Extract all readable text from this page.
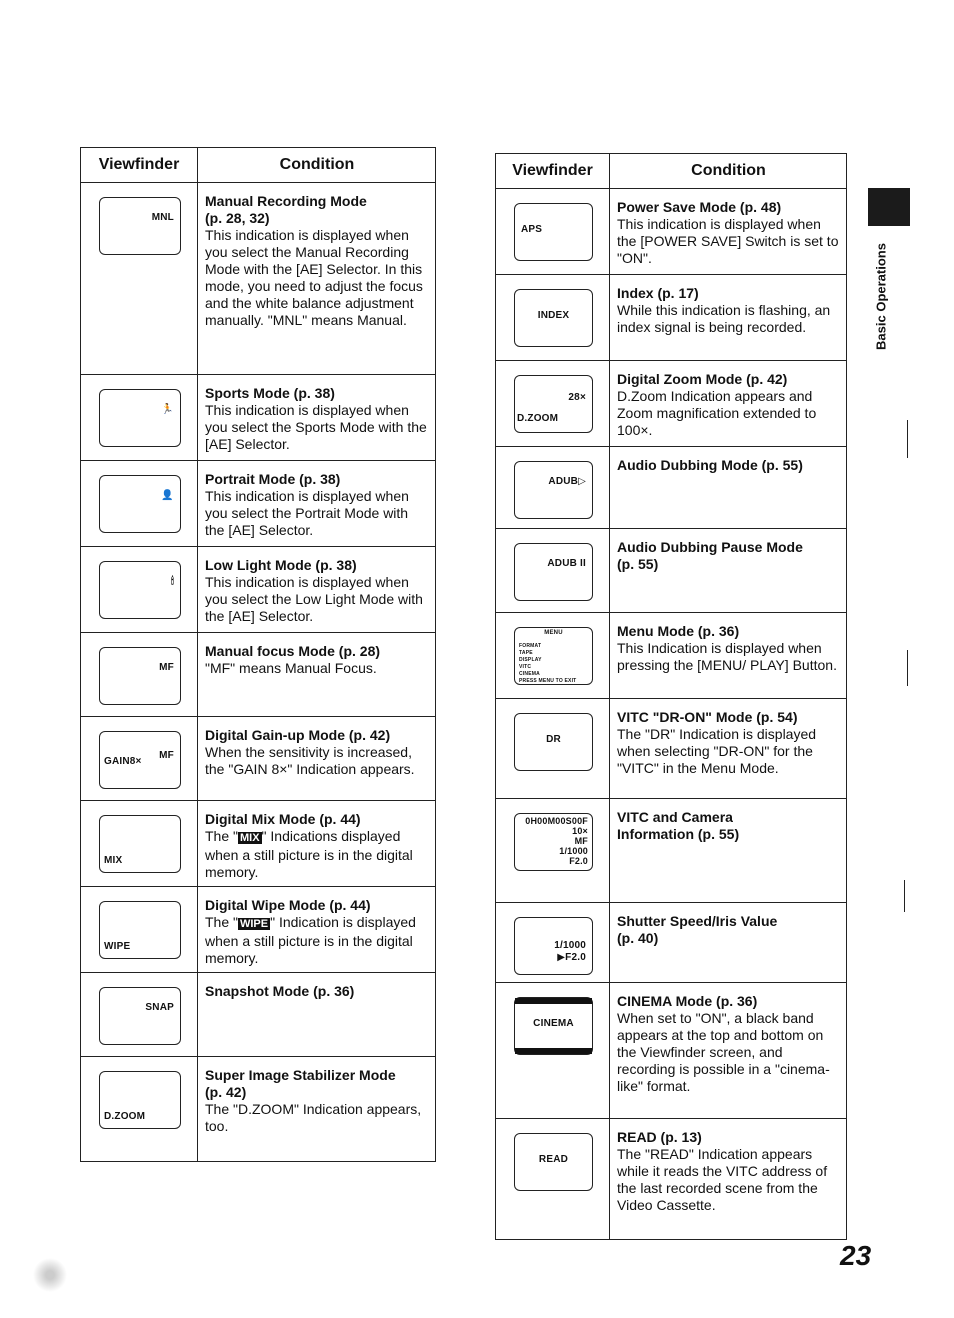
Basic Operations
Viewfinder	Condition
MNL
Manual Recording Mode
(p. 28, 32)
This indication is displayed when you select the Manual Recording Mode with the [AE] Selector. In this mode, you need to adjust the focus and the white balance adjustment manually. "MNL" means Manual.
🏃
Sports Mode (p. 38)
This indication is displayed when you select the Sports Mode with the [AE] Selector.
👤
Portrait Mode (p. 38)
This indication is displayed when you select the Portrait Mode with the [AE] Selector.
🕯
Low Light Mode (p. 38)
This indication is displayed when you select the Low Light Mode with the [AE] Selector.
MF
Manual focus Mode (p. 28)
"MF" means Manual Focus.
GAIN8×
MF
Digital Gain-up Mode (p. 42)
When the sensitivity is increased, the "GAIN 8×" Indication appears.
MIX
Digital Mix Mode (p. 44)
The " MIX " Indications displayed when a still picture is in the digital memory.
WIPE
Digital Wipe Mode (p. 44)
The " WIPE " Indication is displayed when a still picture is in the digital memory.
SNAP
Snapshot Mode (p. 36)
D.ZOOM
Super Image Stabilizer Mode
(p. 42)
The "D.ZOOM" Indication appears, too.
Viewfinder	Condition
APS
Power Save Mode (p. 48)
This indication is displayed when the [POWER SAVE] Switch is set to "ON".
INDEX
Index (p. 17)
While this indication is flashing, an index signal is being recorded.
28×
D.ZOOM
Digital Zoom Mode (p. 42)
D.Zoom Indication appears and Zoom magnification extended to 100×.
ADUB▷
Audio Dubbing Mode (p. 55)
ADUB II
Audio Dubbing Pause Mode
(p. 55)
MENU
FORMAT
TAPE
DISPLAY
VITC
CINEMA
PRESS MENU TO EXIT
Menu Mode (p. 36)
This Indication is displayed when pressing the [MENU/ PLAY] Button.
DR
VITC "DR-ON" Mode (p. 54)
The "DR" Indication is displayed when selecting "DR-ON" for the "VITC" in the Menu Mode.
0H00M00S00F
10×
MF
1/1000
F2.0
VITC and Camera
Information (p. 55)
1/1000
▶F2.0
Shutter Speed/Iris Value
(p. 40)
CINEMA
CINEMA Mode (p. 36)
When set to "ON", a black band appears at the top and bottom on the Viewfinder screen, and recording is possible in a "cinema-like" format.
READ
READ (p. 13)
The "READ" Indication appears while it reads the VITC address of the last recorded scene from the Video Cassette.
23
